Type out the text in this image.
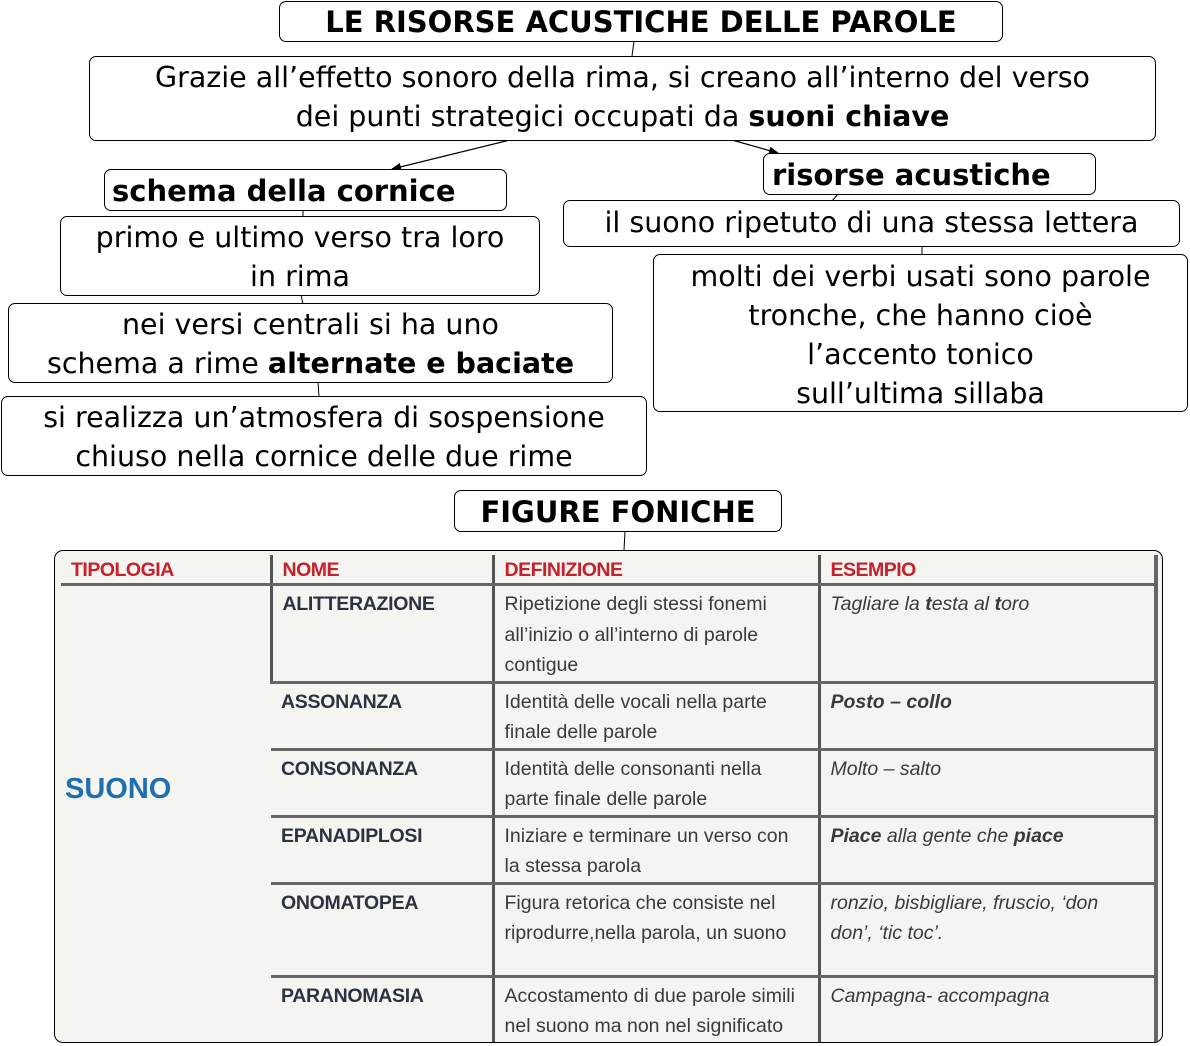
LE RISORSE ACUSTICHE DELLE PAROLE
Grazie all’effetto sonoro della rima, si creano all’interno del verso
dei punti strategici occupati da suoni chiave
schema della cornice
primo e ultimo verso tra loro
in rima
nei versi centrali si ha uno
schema a rime alternate e baciate
si realizza un’atmosfera di sospensione
chiuso nella cornice delle due rime
risorse acustiche
il suono ripetuto di una stessa lettera
molti dei verbi usati sono parole
tronche, che hanno cioè
l’accento tonico
sull’ultima sillaba
FIGURE FONICHE
TIPOLOGIA	NOME	DEFINIZIONE	ESEMPIO
SUONO	ALITTERAZIONE	Ripetizione degli stessi fonemi all’inizio o all’interno di parole contigue	Tagliare la testa al toro
	ASSONANZA	Identità delle vocali nella parte finale delle parole	Posto – collo
	CONSONANZA	Identità delle consonanti nella parte finale delle parole	Molto – salto
	EPANADIPLOSI	Iniziare e terminare un verso con la stessa parola	Piace alla gente che piace
	ONOMATOPEA	Figura retorica che consiste nel riprodurre,nella parola, un suono	ronzio, bisbigliare, fruscio, ‘don don’, ‘tic toc’.
	PARANOMASIA	Accostamento di due parole simili nel suono ma non nel significato	Campagna- accompagna
